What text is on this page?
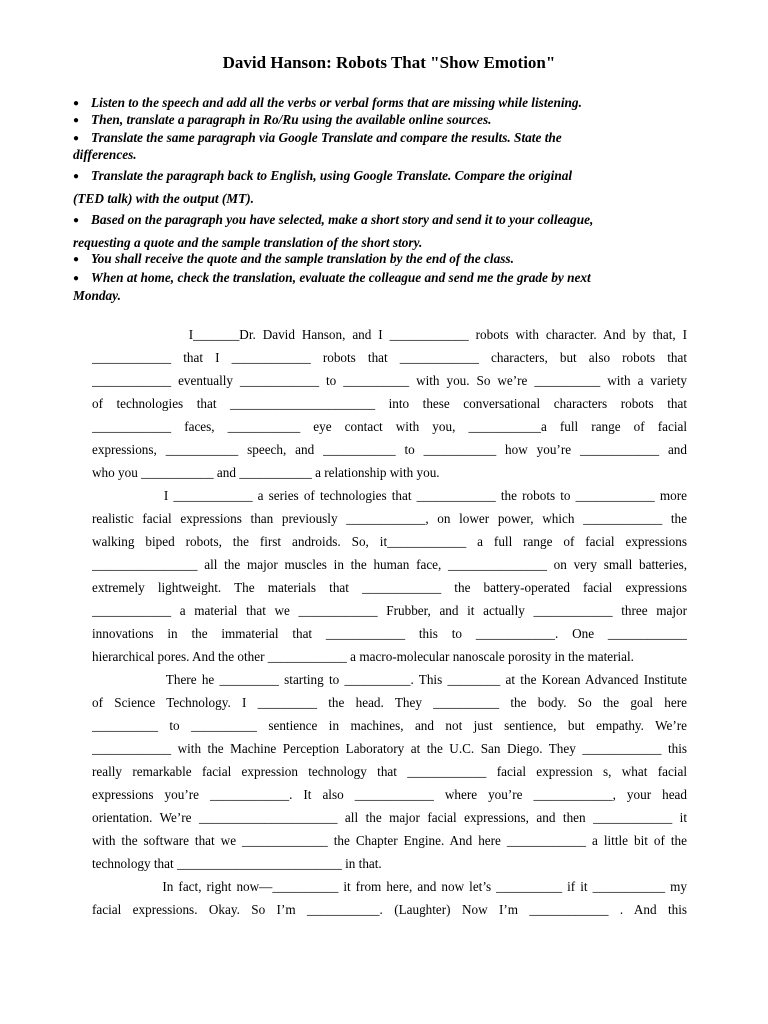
David Hanson: Robots That "Show Emotion"
● Listen to the speech and add all the verbs or verbal forms that are missing while listening.
● Then, translate a paragraph in Ro/Ru using the available online sources.
● Translate the same paragraph via Google Translate and compare the results. State the
differences.
● Translate the paragraph back to English, using Google Translate. Compare the original
(TED talk) with the output (MT).
● Based on the paragraph you have selected, make a short story and send it to your colleague,
requesting a quote and the sample translation of the short story.
● You shall receive the quote and the sample translation by the end of the class.
● When at home, check the translation, evaluate the colleague and send me the grade by next
Monday.
I_______Dr. David Hanson, and I ____________ robots with character. And by that, I
____________ that I ____________ robots that ____________ characters, but also robots that
____________ eventually ____________ to __________ with you. So we’re __________ with a variety
of technologies that ______________________ into these conversational characters robots that
____________ faces, ___________ eye contact with you, ___________a full range of facial
expressions, ___________ speech, and ___________ to ___________ how you’re ____________ and
who you ___________ and ___________ a relationship with you.
I ____________ a series of technologies that ____________ the robots to ____________ more
realistic facial expressions than previously ____________, on lower power, which ____________ the
walking biped robots, the first androids. So, it____________ a full range of facial expressions
________________ all the major muscles in the human face, _______________ on very small batteries,
extremely lightweight. The materials that ____________ the battery-operated facial expressions
____________ a material that we ____________ Frubber, and it actually ____________ three major
innovations in the immaterial that ____________ this to ____________. One ____________
hierarchical pores. And the other ____________ a macro-molecular nanoscale porosity in the material.
There he _________ starting to __________. This ________ at the Korean Advanced Institute
of Science Technology. I _________ the head. They __________ the body. So the goal here
__________ to __________ sentience in machines, and not just sentience, but empathy. We’re
____________ with the Machine Perception Laboratory at the U.C. San Diego. They ____________ this
really remarkable facial expression technology that ____________ facial expression s, what facial
expressions you’re ____________. It also ____________ where you’re ____________, your head
orientation. We’re _____________________ all the major facial expressions, and then ____________ it
with the software that we _____________ the Chapter Engine. And here ____________ a little bit of the
technology that _________________________ in that.
In fact, right now—__________ it from here, and now let’s __________ if it ___________ my
facial expressions. Okay. So I’m ___________. (Laughter) Now I’m ____________ . And this
